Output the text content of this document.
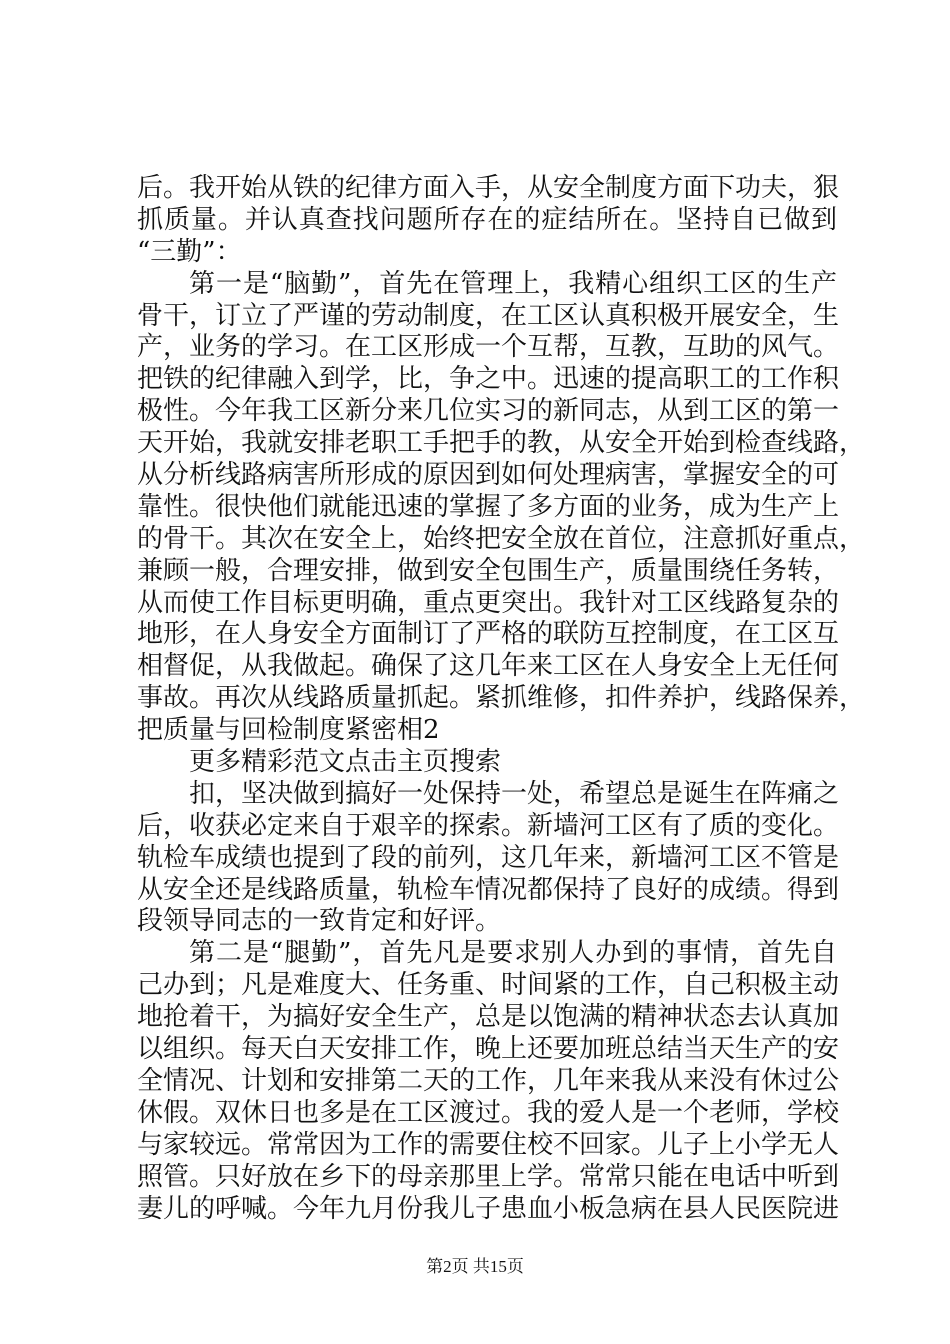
后。我开始从铁的纪律方面入手，从安全制度方面下功夫，狠
抓质量。并认真查找问题所存在的症结所在。坚持自已做到
“三勤”：
第一是“脑勤”，首先在管理上，我精心组织工区的生产
骨干，订立了严谨的劳动制度，在工区认真积极开展安全，生
产，业务的学习。在工区形成一个互帮，互教，互助的风气。
把铁的纪律融入到学，比，争之中。迅速的提高职工的工作积
极性。今年我工区新分来几位实习的新同志，从到工区的第一
天开始，我就安排老职工手把手的教，从安全开始到检查线路，
从分析线路病害所形成的原因到如何处理病害，掌握安全的可
靠性。很快他们就能迅速的掌握了多方面的业务，成为生产上
的骨干。其次在安全上，始终把安全放在首位，注意抓好重点，
兼顾一般，合理安排，做到安全包围生产，质量围绕任务转，
从而使工作目标更明确，重点更突出。我针对工区线路复杂的
地形，在人身安全方面制订了严格的联防互控制度，在工区互
相督促，从我做起。确保了这几年来工区在人身安全上无任何
事故。再次从线路质量抓起。紧抓维修，扣件养护，线路保养，
把质量与回检制度紧密相2
更多精彩范文点击主页搜索
扣，坚决做到搞好一处保持一处，希望总是诞生在阵痛之
后，收获必定来自于艰辛的探索。新墙河工区有了质的变化。
轨检车成绩也提到了段的前列，这几年来，新墙河工区不管是
从安全还是线路质量，轨检车情况都保持了良好的成绩。得到
段领导同志的一致肯定和好评。
第二是“腿勤”，首先凡是要求别人办到的事情，首先自
己办到；凡是难度大、任务重、时间紧的工作，自己积极主动
地抢着干，为搞好安全生产，总是以饱满的精神状态去认真加
以组织。每天白天安排工作，晚上还要加班总结当天生产的安
全情况、计划和安排第二天的工作，几年来我从来没有休过公
休假。双休日也多是在工区渡过。我的爱人是一个老师，学校
与家较远。常常因为工作的需要住校不回家。儿子上小学无人
照管。只好放在乡下的母亲那里上学。常常只能在电话中听到
妻儿的呼喊。今年九月份我儿子患血小板急病在县人民医院进
第2页 共15页
